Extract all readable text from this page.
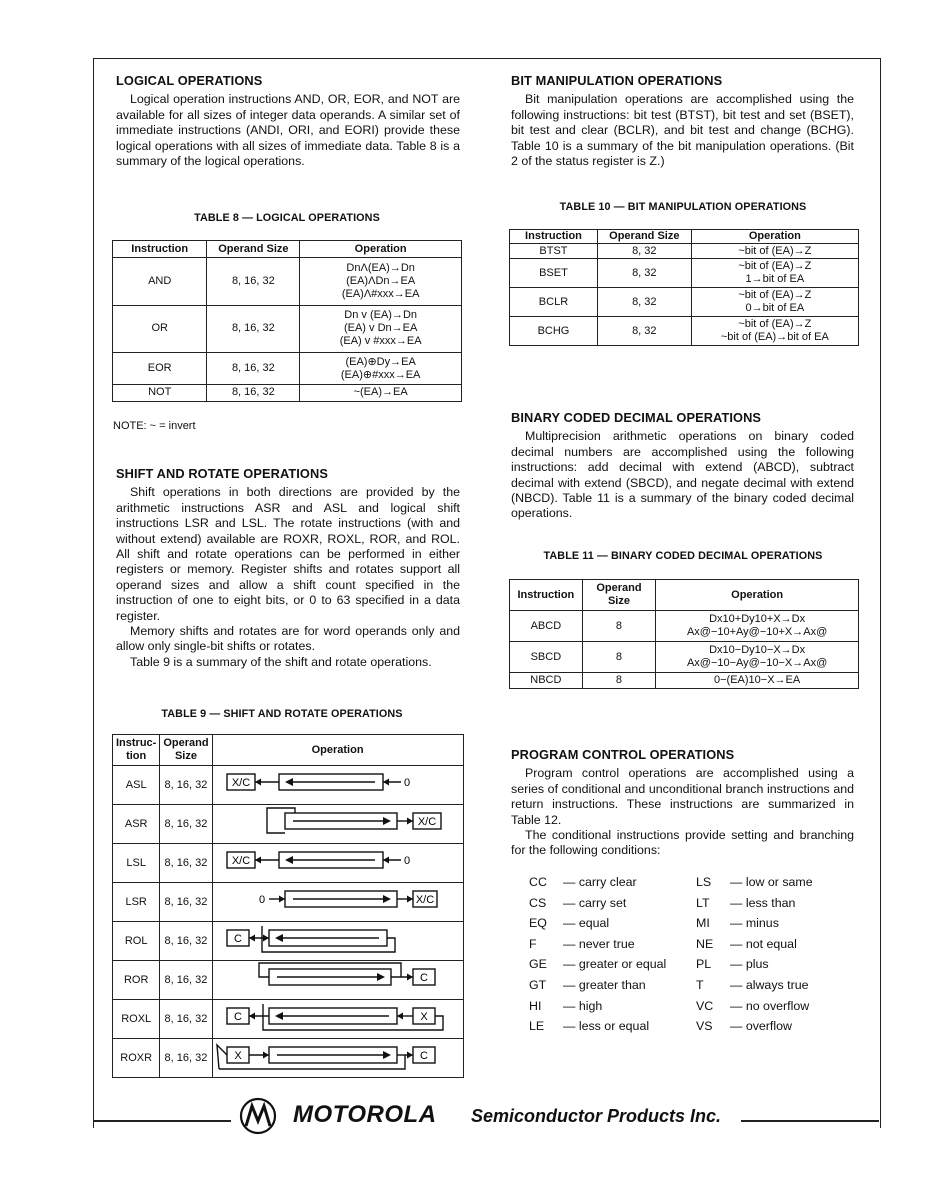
LOGICAL OPERATIONS

Logical operation instructions AND, OR, EOR, and NOT are available for all sizes of integer data operands. A similar set of immediate instructions (ANDI, ORI, and EORI) provide these logical operations with all sizes of immediate data. Table 8 is a summary of the logical operations.

TABLE 8 — LOGICAL OPERATIONS
Instruction	Operand Size	Operation
AND	8, 16, 32	DnΛ(EA)→Dn
(EA)ΛDn→EA
(EA)Λ#xxx→EA

OR	8, 16, 32	Dn v (EA)→Dn
(EA) v Dn→EA
(EA) v #xxx→EA

EOR	8, 16, 32	(EA)⊕Dy→EA
(EA)⊕#xxx→EA

NOT	8, 16, 32	~(EA)→EA
NOTE: ~ = invert
SHIFT AND ROTATE OPERATIONS

Shift operations in both directions are provided by the arithmetic instructions ASR and ASL and logical shift instructions LSR and LSL. The rotate instructions (with and without extend) available are ROXR, ROXL, ROR, and ROL. All shift and rotate operations can be performed in either registers or memory. Register shifts and rotates support all operand sizes and allow a shift count specified in the instruction of one to eight bits, or 0 to 63 specified in a data register.

Memory shifts and rotates are for word operands only and allow only single-bit shifts or rotates.

Table 9 is a summary of the shift and rotate operations.

TABLE 9 — SHIFT AND ROTATE OPERATIONS
Instruc-tion	Operand Size	Operation
ASL	8, 16, 32	X/C 0

ASR	8, 16, 32	X/C

LSL	8, 16, 32	X/C 0

LSR	8, 16, 32	0 X/C

ROL	8, 16, 32	C

ROR	8, 16, 32	C

ROXL	8, 16, 32	C X

ROXR	8, 16, 32	X C
BIT MANIPULATION OPERATIONS

Bit manipulation operations are accomplished using the following instructions: bit test (BTST), bit test and set (BSET), bit test and clear (BCLR), and bit test and change (BCHG). Table 10 is a summary of the bit manipulation operations. (Bit 2 of the status register is Z.)

TABLE 10 — BIT MANIPULATION OPERATIONS
Instruction	Operand Size	Operation
BTST	8, 32	~bit of (EA)→Z

BSET	8, 32	~bit of (EA)→Z
1→bit of EA

BCLR	8, 32	~bit of (EA)→Z
0→bit of EA

BCHG	8, 32	~bit of (EA)→Z
~bit of (EA)→bit of EA
BINARY CODED DECIMAL OPERATIONS

Multiprecision arithmetic operations on binary coded decimal numbers are accomplished using the following instructions: add decimal with extend (ABCD), subtract decimal with extend (SBCD), and negate decimal with extend (NBCD). Table 11 is a summary of the binary coded decimal operations.

TABLE 11 — BINARY CODED DECIMAL OPERATIONS
Instruction	Operand Size	Operation
ABCD	8	Dx10+Dy10+X→Dx
Ax@−10+Ay@−10+X→Ax@

SBCD	8	Dx10−Dy10−X→Dx
Ax@−10−Ay@−10−X→Ax@

NBCD	8	0−(EA)10−X→EA
PROGRAM CONTROL OPERATIONS

Program control operations are accomplished using a series of conditional and unconditional branch instructions and return instructions. These instructions are summarized in Table 12.

The conditional instructions provide setting and branching for the following conditions:

CC	— carry clear
CS	— carry set
EQ	— equal
F	— never true
GE	— greater or equal
GT	— greater than
HI	— high
LE	— less or equal
LS	— low or same
LT	— less than
MI	— minus
NE	— not equal
PL	— plus
T	— always true
VC	— no overflow
VS	— overflow
MOTOROLA Semiconductor Products Inc.
